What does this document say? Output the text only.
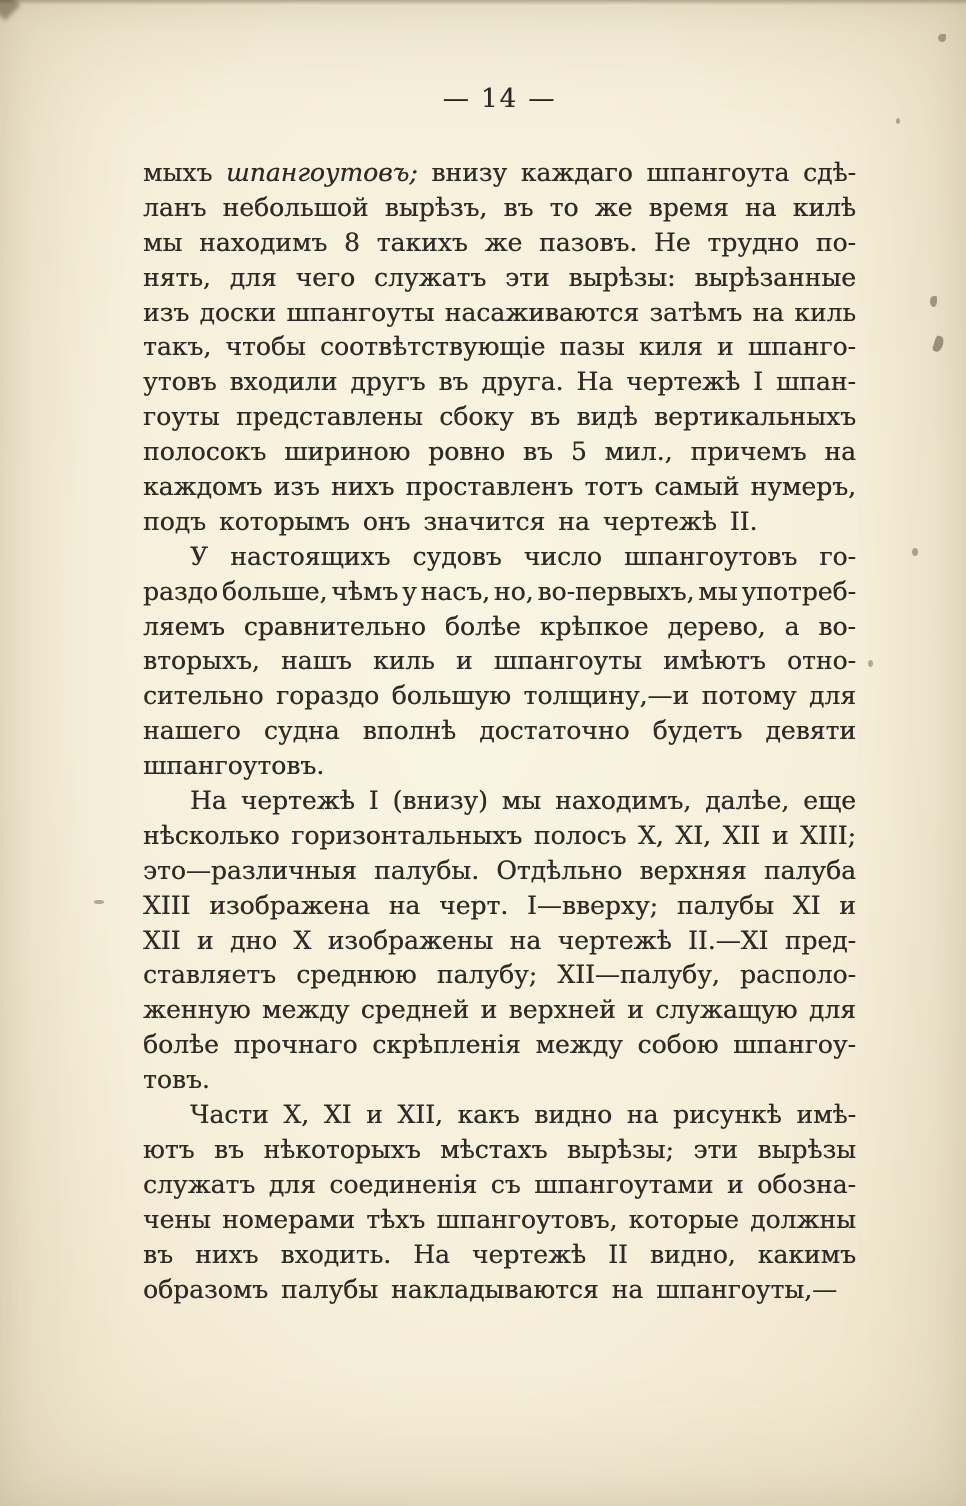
— 14 —
мыхъ шпангоутовъ; внизу каждаго шпангоута сдѣ-
ланъ небольшой вырѣзъ, въ то же время на килѣ
мы находимъ 8 такихъ же пазовъ. Не трудно по-
нять, для чего служатъ эти вырѣзы: вырѣзанные
изъ доски шпангоуты насаживаются затѣмъ на киль
такъ, чтобы соотвѣтствующіе пазы киля и шпанго-
утовъ входили другъ въ друга. На чертежѣ I шпан-
гоуты представлены сбоку въ видѣ вертикальныхъ
полосокъ шириною ровно въ 5 мил., причемъ на
каждомъ изъ нихъ проставленъ тотъ самый нумеръ,
подъ которымъ онъ значится на чертежѣ II.
У настоящихъ судовъ число шпангоутовъ го-
раздо больше, чѣмъ у насъ, но, во-первыхъ, мы употреб-
ляемъ сравнительно болѣе крѣпкое дерево, а во-
вторыхъ, нашъ киль и шпангоуты имѣютъ отно-
сительно гораздо большую толщину,—и потому для
нашего судна вполнѣ достаточно будетъ девяти
шпангоутовъ.
На чертежѣ I (внизу) мы находимъ, далѣе, еще
нѣсколько горизонтальныхъ полосъ X, XI, XII и XIII;
это—различныя палубы. Отдѣльно верхняя палуба
XIII изображена на черт. I—вверху; палубы XI и
XII и дно X изображены на чертежѣ II.—XI пред-
ставляетъ среднюю палубу; XII—палубу, располо-
женную между средней и верхней и служащую для
болѣе прочнаго скрѣпленія между собою шпангоу-
товъ.
Части X, XI и XII, какъ видно на рисункѣ имѣ-
ютъ въ нѣкоторыхъ мѣстахъ вырѣзы; эти вырѣзы
служатъ для соединенія съ шпангоутами и обозна-
чены номерами тѣхъ шпангоутовъ, которые должны
въ нихъ входить. На чертежѣ II видно, какимъ
образомъ палубы накладываются на шпангоуты,—
